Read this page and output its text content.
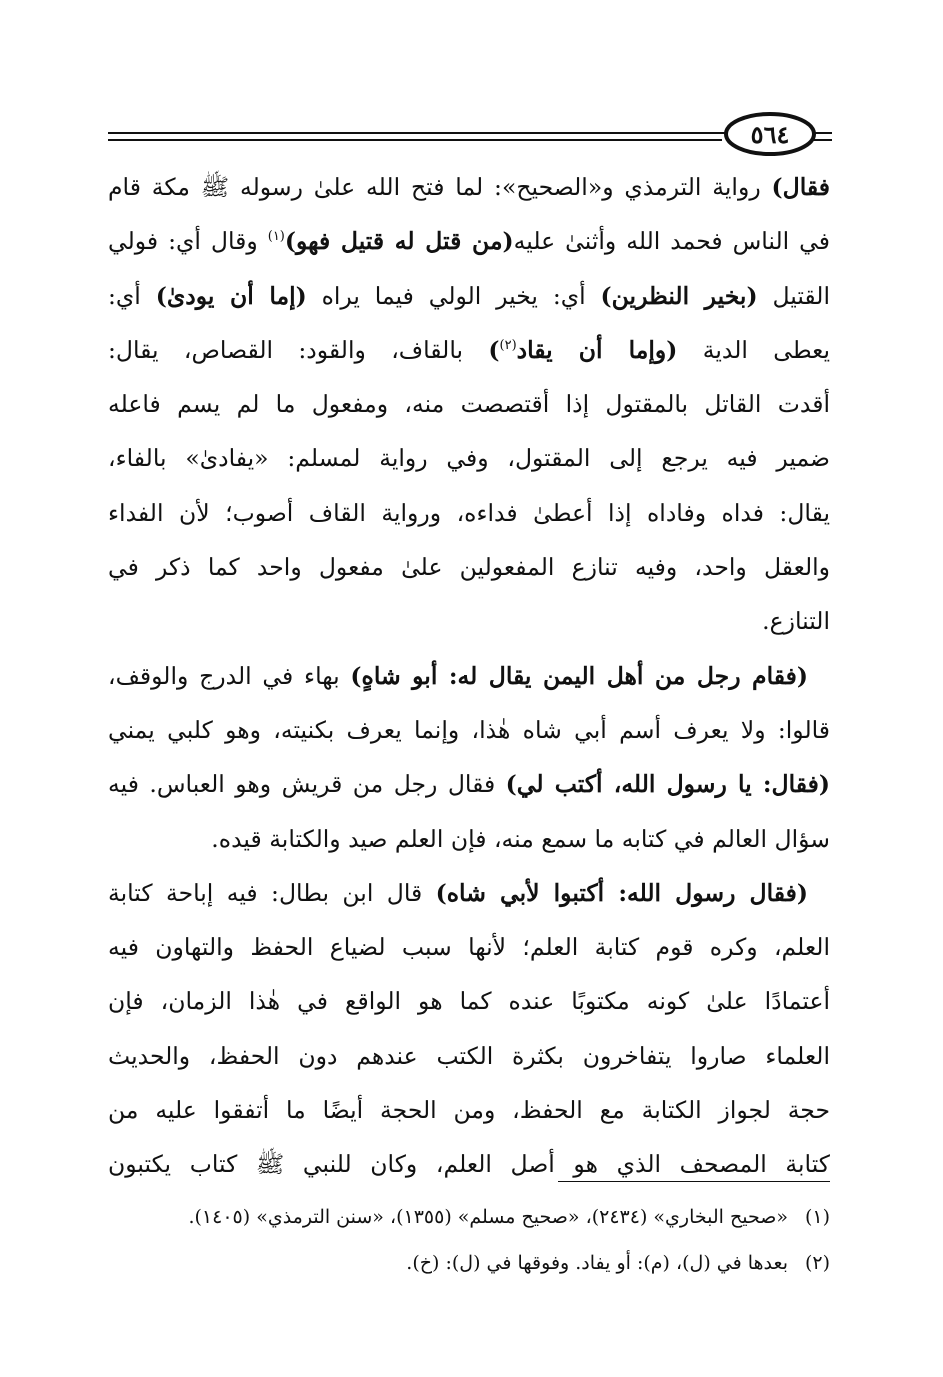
٥٦٤
فقال) رواية الترمذي و«الصحيح»: لما فتح الله علىٰ رسوله ﷺ مكة قام
في الناس فحمد الله وأثنىٰ عليه(من قتل له قتيل فهو)$^{(١)}$ وقال أي: فولي
القتيل (بخير النظرين) أي: يخير الولي فيما يراه (إما أن يودىٰ) أي:
يعطى الدية (وإما أن يقاد$^{(٢)}$) بالقاف، والقود: القصاص، يقال:
أقدت القاتل بالمقتول إذا أقتصصت منه، ومفعول ما لم يسم فاعله
ضمير فيه يرجع إلى المقتول، وفي رواية لمسلم: «يفادىٰ» بالفاء،
يقال: فداه وفاداه إذا أعطىٰ فداءه، ورواية القاف أصوب؛ لأن الفداء
والعقل واحد، وفيه تنازع المفعولين علىٰ مفعول واحد كما ذكر في
التنازع.
(فقام رجل من أهل اليمن يقال له: أبو شاهٍ) بهاء في الدرج والوقف،
قالوا: ولا يعرف أسم أبي شاه هٰذا، وإنما يعرف بكنيته، وهو كلبي يمني
(فقال: يا رسول الله، أكتب لي) فقال رجل من قريش وهو العباس. فيه
سؤال العالم في كتابه ما سمع منه، فإن العلم صيد والكتابة قيده.
(فقال رسول الله: أكتبوا لأبي شاه) قال ابن بطال: فيه إباحة كتابة
العلم، وكره قوم كتابة العلم؛ لأنها سبب لضياع الحفظ والتهاون فيه
أعتمادًا علىٰ كونه مكتوبًا عنده كما هو الواقع في هٰذا الزمان، فإن
العلماء صاروا يتفاخرون بكثرة الكتب عندهم دون الحفظ، والحديث
حجة لجواز الكتابة مع الحفظ، ومن الحجة أيضًا ما أتفقوا عليه من
كتابة المصحف الذي هو أصل العلم، وكان للنبي ﷺ كتاب يكتبون
(١)«صحيح البخاري» (٢٤٣٤)، «صحيح مسلم» (١٣٥٥)، «سنن الترمذي» (١٤٠٥).
(٢)بعدها في (ل)، (م): أو يفاد. وفوقها في (ل): (خ).
